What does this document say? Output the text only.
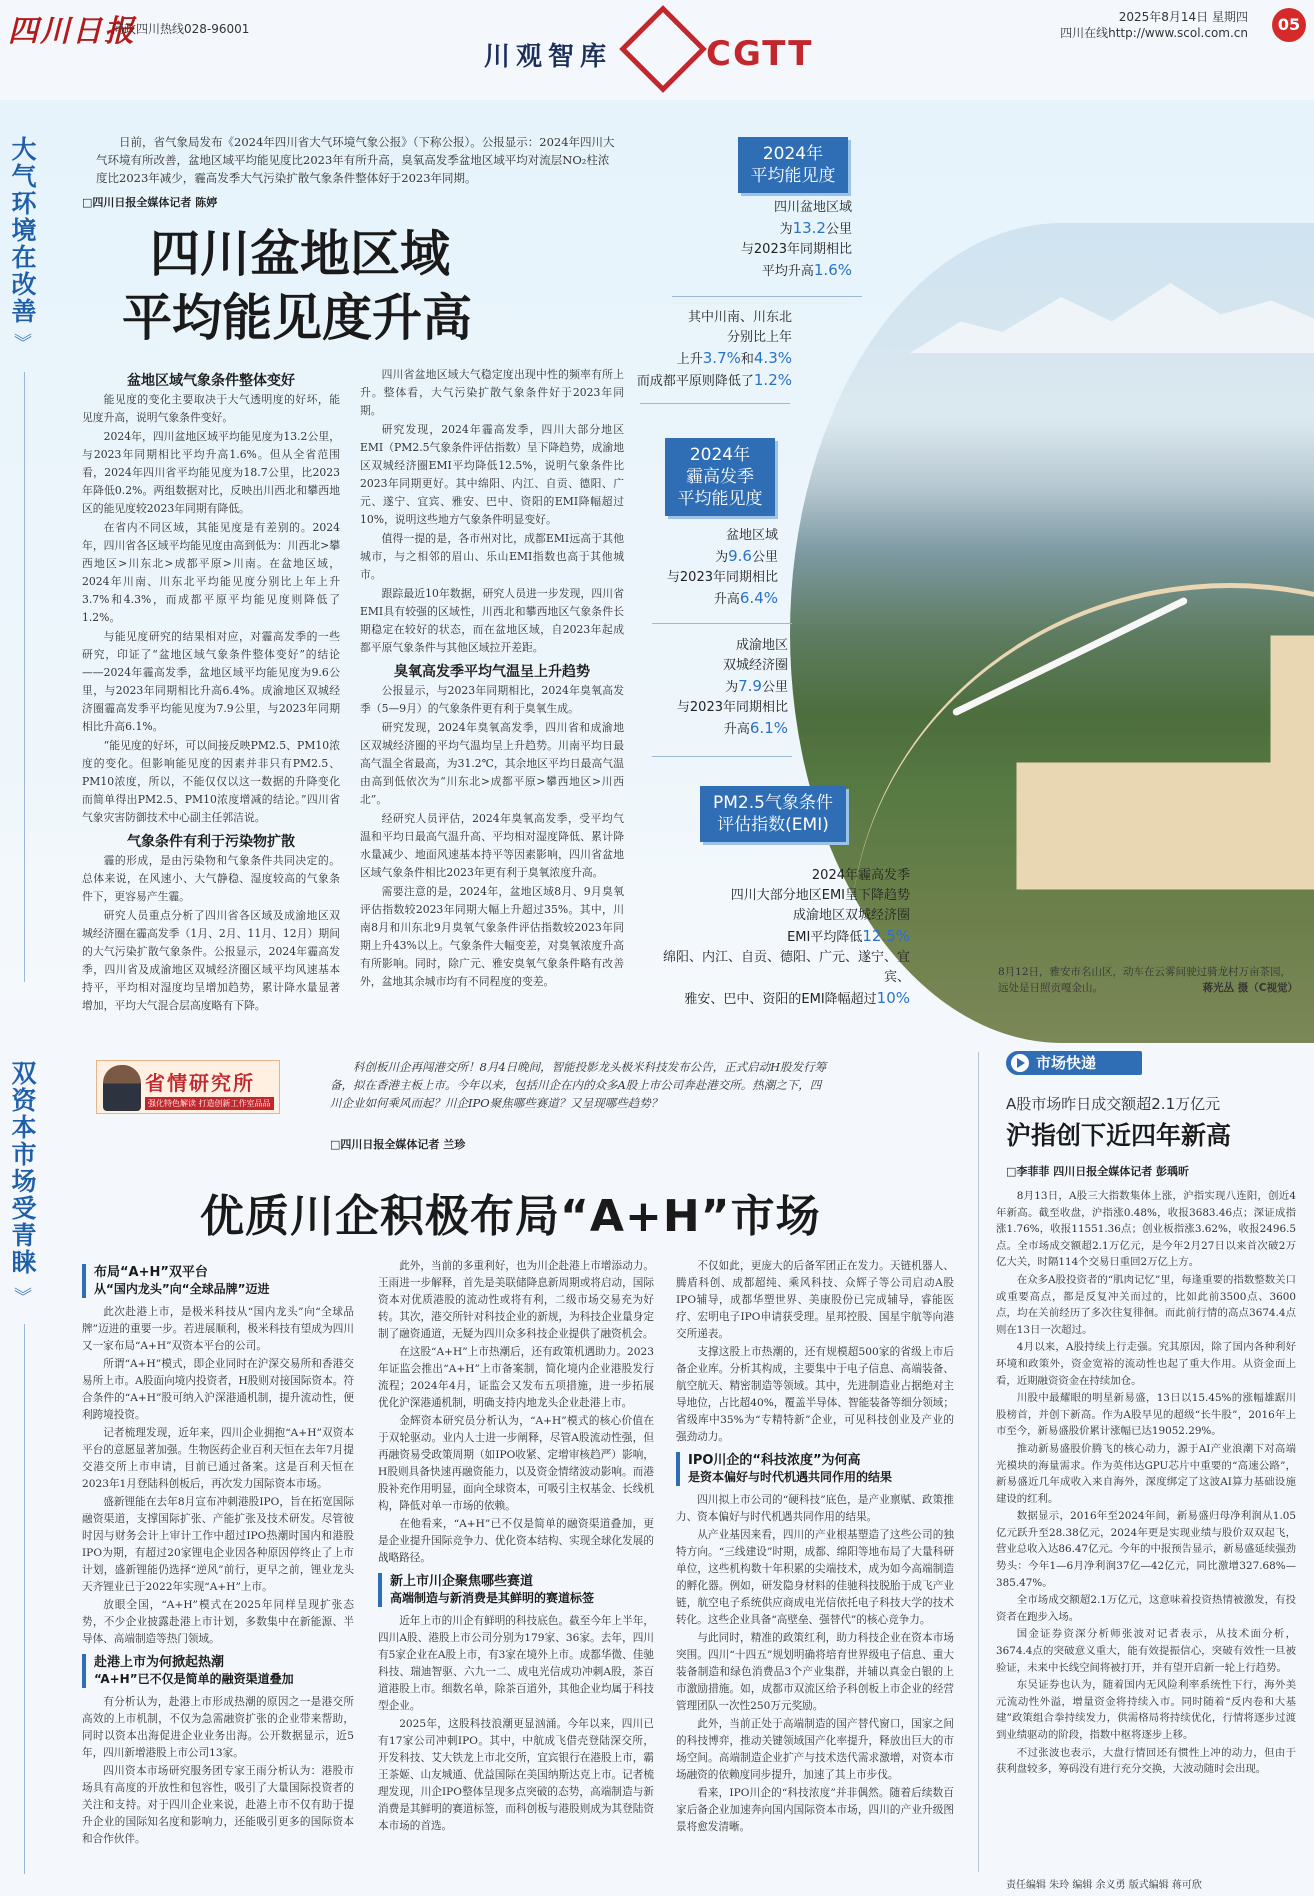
四川日报
问政四川热线028-96001
川观智库	CGTT
2025年8月14日 星期四
四川在线http://www.scol.com.cn	05
大气环境在改善
︾
日前，省气象局发布《2024年四川省大气环境气象公报》（下称公报）。公报显示：2024年四川大气环境有所改善，盆地区域平均能见度比2023年有所升高，臭氧高发季盆地区域平均对流层NO₂柱浓度比2023年减少，霾高发季大气污染扩散气象条件整体好于2023年同期。
□四川日报全媒体记者 陈婷
四川盆地区域
平均能见度升高

盆地区域气象条件整体变好

能见度的变化主要取决于大气透明度的好坏，能见度升高，说明气象条件变好。

2024年，四川盆地区域平均能见度为13.2公里，与2023年同期相比平均升高1.6%。但从全省范围看，2024年四川省平均能见度为18.7公里，比2023年降低0.2%。两组数据对比，反映出川西北和攀西地区的能见度较2023年同期有降低。

在省内不同区域，其能见度是有差别的。2024年，四川省各区域平均能见度由高到低为：川西北>攀西地区>川东北>成都平原>川南。在盆地区域，2024年川南、川东北平均能见度分别比上年上升3.7%和4.3%，而成都平原平均能见度则降低了1.2%。

与能见度研究的结果相对应，对霾高发季的一些研究，印证了“盆地区域气象条件整体变好”的结论——2024年霾高发季，盆地区域平均能见度为9.6公里，与2023年同期相比升高6.4%。成渝地区双城经济圈霾高发季平均能见度为7.9公里，与2023年同期相比升高6.1%。

“能见度的好坏，可以间接反映PM2.5、PM10浓度的变化。但影响能见度的因素并非只有PM2.5、PM10浓度，所以，不能仅仅以这一数据的升降变化而简单得出PM2.5、PM10浓度增减的结论。”四川省气象灾害防御技术中心副主任郭洁说。

气象条件有利于污染物扩散

霾的形成，是由污染物和气象条件共同决定的。总体来说，在风速小、大气静稳、湿度较高的气象条件下，更容易产生霾。

研究人员重点分析了四川省各区域及成渝地区双城经济圈在霾高发季（1月、2月、11月、12月）期间的大气污染扩散气象条件。公报显示，2024年霾高发季，四川省及成渝地区双城经济圈区域平均风速基本持平，平均相对湿度均呈增加趋势，累计降水量显著增加，平均大气混合层高度略有下降。

四川省盆地区域大气稳定度出现中性的频率有所上升。整体看，大气污染扩散气象条件好于2023年同期。

研究发现，2024年霾高发季，四川大部分地区EMI（PM2.5气象条件评估指数）呈下降趋势，成渝地区双城经济圈EMI平均降低12.5%，说明气象条件比2023年同期更好。其中绵阳、内江、自贡、德阳、广元、遂宁、宜宾、雅安、巴中、资阳的EMI降幅超过10%，说明这些地方气象条件明显变好。

值得一提的是，各市州对比，成都EMI远高于其他城市，与之相邻的眉山、乐山EMI指数也高于其他城市。

跟踪最近10年数据，研究人员进一步发现，四川省EMI具有较强的区域性，川西北和攀西地区气象条件长期稳定在较好的状态，而在盆地区域，自2023年起成都平原气象条件与其他区域拉开差距。

臭氧高发季平均气温呈上升趋势

公报显示，与2023年同期相比，2024年臭氧高发季（5—9月）的气象条件更有利于臭氧生成。

研究发现，2024年臭氧高发季，四川省和成渝地区双城经济圈的平均气温均呈上升趋势。川南平均日最高气温全省最高，为31.2℃，其余地区平均日最高气温由高到低依次为“川东北>成都平原>攀西地区>川西北”。

经研究人员评估，2024年臭氧高发季，受平均气温和平均日最高气温升高、平均相对湿度降低、累计降水量减少、地面风速基本持平等因素影响，四川省盆地区域气象条件相比2023年更有利于臭氧浓度升高。

需要注意的是，2024年，盆地区域8月、9月臭氧评估指数较2023年同期大幅上升超过35%。其中，川南8月和川东北9月臭氧气象条件评估指数较2023年同期上升43%以上。气象条件大幅变差，对臭氧浓度升高有所影响。同时，除广元、雅安臭氧气象条件略有改善外，盆地其余城市均有不同程度的变差。

2024年
平均能见度
四川盆地区域
为13.2公里
与2023年同期相比
平均升高1.6%
其中川南、川东北
分别比上年
上升3.7%和4.3%
而成都平原则降低了1.2%
2024年
霾高发季
平均能见度
盆地区域
为9.6公里
与2023年同期相比
升高6.4%
成渝地区
双城经济圈
为7.9公里
与2023年同期相比
升高6.1%
PM2.5气象条件
评估指数(EMI)
2024年霾高发季
四川大部分地区EMI呈下降趋势
成渝地区双城经济圈
EMI平均降低12.5%
绵阳、内江、自贡、德阳、广元、遂宁、宜宾、
雅安、巴中、资阳的EMI降幅超过10%
8月12日，雅安市名山区，动车在云雾间驶过骑龙村万亩茶园，远处是日照贡嘎金山。	蒋光丛 摄（C视觉）
双资本市场受青睐
︾
省情研究所
强化特色解读 打造创新工作室品品
科创板川企再闯港交所！8月4日晚间，智能投影龙头极米科技发布公告，正式启动H股发行筹备，拟在香港主板上市。今年以来，包括川企在内的众多A股上市公司奔赴港交所。热潮之下，四川企业如何乘风而起？川企IPO聚焦哪些赛道？又呈现哪些趋势？
□四川日报全媒体记者 兰珍
优质川企积极布局“A+H”市场
布局“A+H”双平台
从“国内龙头”向“全球品牌”迈进

此次赴港上市，是极米科技从“国内龙头”向“全球品牌”迈进的重要一步。若进展顺利，极米科技有望成为四川又一家布局“A+H”双资本平台的公司。

所谓“A+H”模式，即企业同时在沪深交易所和香港交易所上市。A股面向境内投资者，H股则对接国际资本。符合条件的“A+H”股可纳入沪深港通机制，提升流动性，便利跨境投资。

记者梳理发现，近年来，四川企业拥抱“A+H”双资本平台的意愿显著加强。生物医药企业百利天恒在去年7月提交港交所上市申请，目前已通过备案。这是百利天恒在2023年1月登陆科创板后，再次发力国际资本市场。

盛新锂能在去年8月宣布冲刺港股IPO，旨在拓宽国际融资渠道，支撑国际扩张、产能扩张及技术研发。尽管彼时因与财务会计上审计工作中超过IPO热潮时国内和港股IPO为期，有超过20家锂电企业因各种原因停终止了上市计划，盛新锂能仍选择“逆风”前行，更早之前，锂业龙头天齐锂业已于2022年实现“A+H”上市。

放眼全国，“A+H”模式在2025年同样呈现扩张态势，不少企业披露赴港上市计划，多数集中在新能源、半导体、高端制造等热门领域。

赴港上市为何掀起热潮
“A+H”已不仅是简单的融资渠道叠加

有分析认为，赴港上市形成热潮的原因之一是港交所高效的上市机制，不仅为急需融资扩张的企业带来帮助，同时以资本出海促进企业业务出海。公开数据显示，近5年，四川新增港股上市公司13家。

四川资本市场研究服务团专家王雨分析认为：港股市场具有高度的开放性和包容性，吸引了大量国际投资者的关注和支持。对于四川企业来说，赴港上市不仅有助于提升企业的国际知名度和影响力，还能吸引更多的国际资本和合作伙伴。

此外，当前的多重利好，也为川企赴港上市增添动力。王雨进一步解释，首先是美联储降息新周期或将启动，国际资本对优质港股的流动性或将有利，二级市场交易充为好转。其次，港交所针对科技企业的新规，为科技企业量身定制了融资通道，无疑为四川众多科技企业提供了融资机会。

在这股“A+H”上市热潮后，还有政策机遇助力。2023年证监会推出“A+H”上市备案制，简化境内企业港股发行流程；2024年4月，证监会又发布五项措施，进一步拓展优化沪深港通机制，明确支持内地龙头企业赴港上市。

金辉资本研究员分析认为，“A+H”模式的核心价值在于双轮驱动。业内人士进一步阐释，尽管A股流动性强，但再融资易受政策周期（如IPO收紧、定增审核趋严）影响，H股则具备快速再融资能力，以及资金情绪波动影响。而港股补充作用明显，面向全球资本，可吸引主权基金、长线机构，降低对单一市场的依赖。

在他看来，“A+H”已不仅是简单的融资渠道叠加，更是企业提升国际竞争力、优化资本结构、实现全球化发展的战略路径。

新上市川企聚焦哪些赛道
高端制造与新消费是其鲜明的赛道标签

近年上市的川企有鲜明的科技底色。截至今年上半年，四川A股、港股上市公司分别为179家、36家。去年，四川有5家企业在A股上市，有3家在境外上市。成都华微、佳驰科技、瑞迪智驱、六九一二、成电光信成功冲刺A股，茶百道港股上市。细数名单，除茶百道外，其他企业均属于科技型企业。

2025年，这股科技浪潮更显汹涌。今年以来，四川已有17家公司冲刺IPO。其中，中航成飞借壳登陆深交所，开发科技、艾大铁龙上市北交所，宜宾银行在港股上市，霸王茶姬、山友城通、优益国际在美国纳斯达克上市。记者梳理发现，川企IPO整体呈现多点突破的态势，高端制造与新消费是其鲜明的赛道标签，而科创板与港股则成为其登陆资本市场的首选。

不仅如此，更庞大的后备军团正在发力。天链机器人、腾盾科创、成都超纯、乘风科技、众辉子等公司启动A股IPO辅导，成都华塑世界、美康股份已完成辅导，睿能医疗、宏明电子IPO申请获受理。星邦控股、国星宇航等向港交所递表。

支撑这股上市热潮的，还有规模超500家的省级上市后备企业库。分析其构成，主要集中于电子信息、高端装备、航空航天、精密制造等领域。其中，先进制造业占据绝对主导地位，占比超40%，覆盖半导体、智能装备等细分领域；省级库中35%为“专精特新”企业，可见科技创业及产业的强劲动力。

IPO川企的“科技浓度”为何高
是资本偏好与时代机遇共同作用的结果

四川拟上市公司的“硬科技”底色，是产业禀赋、政策推力、资本偏好与时代机遇共同作用的结果。

从产业基因来看，四川的产业根基塑造了这些公司的独特方向。“三线建设”时期，成都、绵阳等地布局了大量科研单位，这些机构数十年积累的尖端技术，成为如今高端制造的孵化器。例如，研发隐身材料的佳驰科技脱胎于成飞产业链，航空电子系统供应商成电光信依托电子科技大学的技术转化。这些企业具备“高壁垒、强替代”的核心竞争力。

与此同时，精准的政策红利，助力科技企业在资本市场突围。四川“十四五”规划明确将培育世界级电子信息、重大装备制造和绿色消费品3个产业集群，并辅以真金白银的上市激励措施。如，成都市双流区给予科创板上市企业的经营管理团队一次性250万元奖励。

此外，当前正处于高端制造的国产替代窗口，国家之间的科技博弈，推动关键领域国产化率提升，释放出巨大的市场空间。高端制造企业扩产与技术迭代需求激增，对资本市场融资的依赖度同步提升，加速了其上市步伐。

看来，IPO川企的“科技浓度”并非偶然。随着后续数百家后备企业加速奔向国内国际资本市场，四川的产业升级图景将愈发清晰。

市场快递
A股市场昨日成交额超2.1万亿元
沪指创下近四年新高
□李菲菲 四川日报全媒体记者 彭瑀昕

8月13日，A股三大指数集体上涨，沪指实现八连阳，创近4年新高。截至收盘，沪指涨0.48%，收报3683.46点；深证成指涨1.76%，收报11551.36点；创业板指涨3.62%，收报2496.5点。全市场成交额超2.1万亿元，是今年2月27日以来首次破2万亿大关，时隔114个交易日重回2万亿上方。

在众多A股投资者的“肌肉记忆”里，每逢重要的指数整数关口或重要高点，都是反复冲关而过的，比如此前3500点、3600点，均在关前经历了多次往复徘徊。而此前行情的高点3674.4点则在13日一次超过。

4月以来，A股持续上行走强。究其原因，除了国内各种利好环境和政策外，资金宽裕的流动性也起了重大作用。从资金面上看，近期融资资金在持续加仓。

川股中最耀眼的明星新易盛，13日以15.45%的涨幅雄踞川股榜首，并创下新高。作为A股早见的超级“长牛股”，2016年上市至今，新易盛股价累计涨幅已达19052.29%。

推动新易盛股价腾飞的核心动力，源于AI产业浪潮下对高端光模块的海量需求。作为英伟达GPU芯片中重要的“高速公路”，新易盛近几年成收入来自海外，深度绑定了这波AI算力基础设施建设的红利。

数据显示，2016年至2024年间，新易盛归母净利润从1.05亿元跃升至28.38亿元，2024年更是实现业绩与股价双双起飞，营业总收入达86.47亿元。今年的中报预告显示，新易盛延续强劲势头：今年1—6月净利润37亿—42亿元，同比激增327.68%—385.47%。

全市场成交额超2.1万亿元，这意味着投资热情被激发，有投资者在跑步入场。

国金证券资深分析师张波对记者表示，从技术面分析，3674.4点的突破意义重大，能有效提振信心，突破有效性一旦被验证，未来中长线空间将被打开，并有望开启新一轮上行趋势。

东吴证券也认为，随着国内无风险利率系统性下行，海外美元流动性外溢，增量资金将持续入市。同时随着“反内卷和大基建”政策组合拳持续发力，供需格局将持续优化，行情将逐步过渡到业绩驱动的阶段，指数中枢将逐步上移。

不过张波也表示，大盘行情回还有惯性上冲的动力，但由于获利盘较多，筹码没有进行充分交换，大波动随时会出现。

责任编辑 朱玲 编辑 余义勇 版式编辑 蒋可欣
